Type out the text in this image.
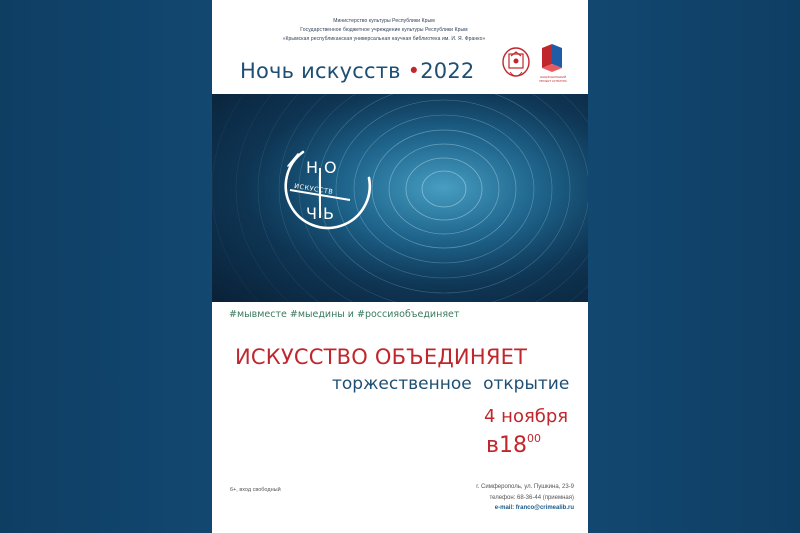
Министерство культуры Республики Крым
Государственное бюджетное учреждение культуры Республики Крым
«Крымская республиканская универсальная научная библиотека им. И. Я. Франко»
Ночь искусств •2022	НАЦИОНАЛЬНЫЙ ПРОЕКТ КУЛЬТУРА
НО
ИСКУССТВ
ЧЬ
#мывместе #мыедины и #россияобъединяет
ИСКУССТВО ОБЪЕДИНЯЕТ
торжественное открытие
4 ноября
$в18^{00}$
6+, вход свободный	г. Симферополь, ул. Пушкина, 23-9
телефон: 68-36-44 (приемная)
e-mail: franco@crimealib.ru
